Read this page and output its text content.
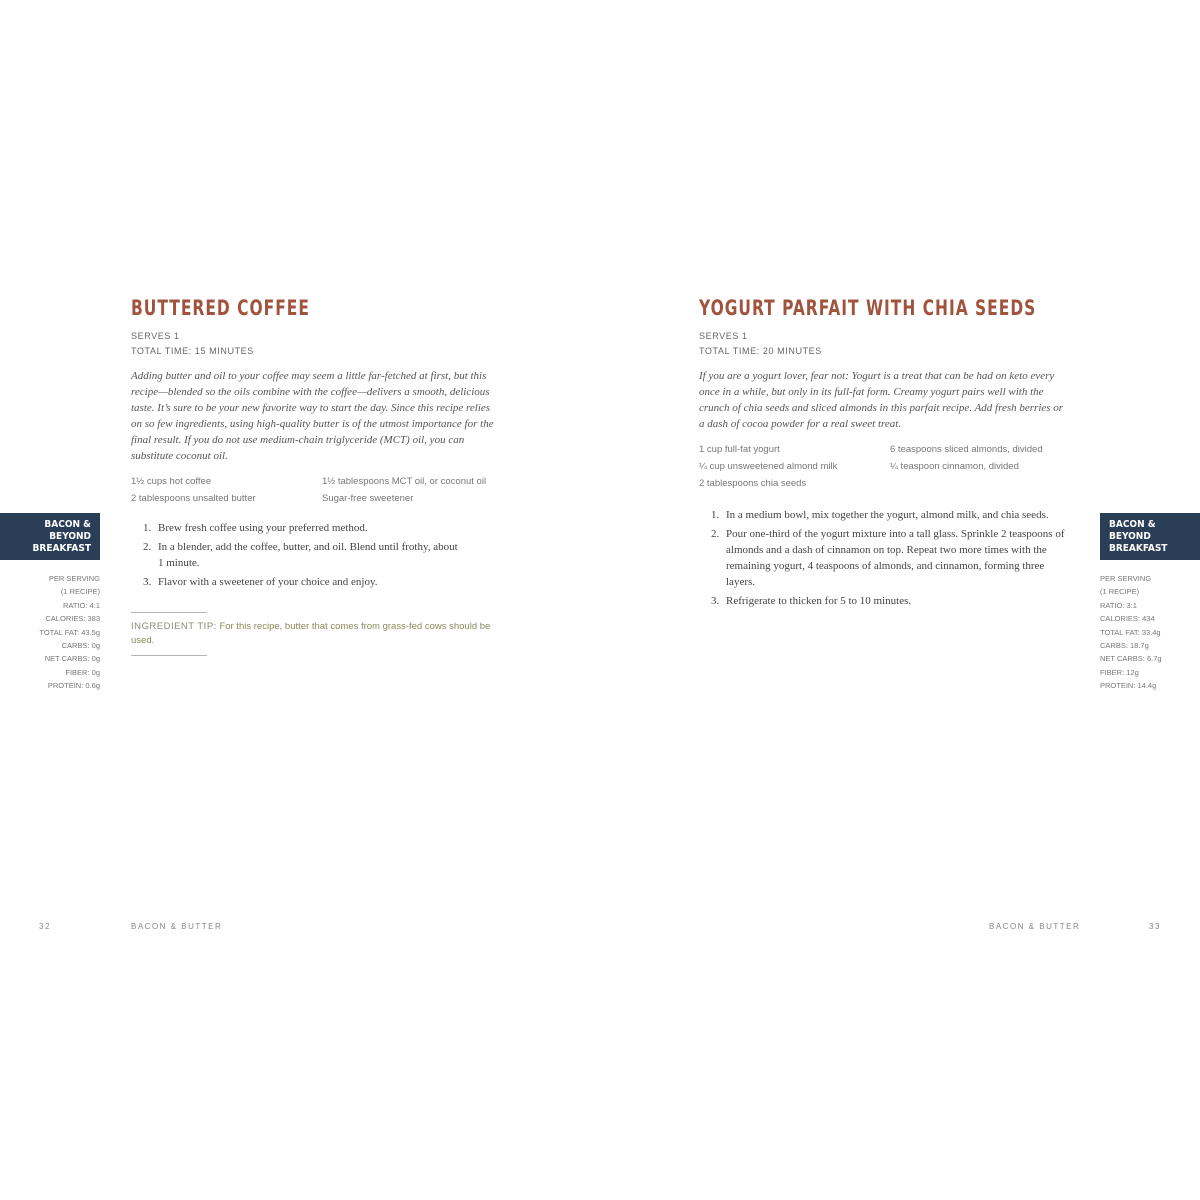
BUTTERED COFFEE
SERVES 1
TOTAL TIME: 15 MINUTES
Adding butter and oil to your coffee may seem a little far-fetched at first, but this recipe—blended so the oils combine with the coffee—delivers a smooth, delicious taste. It’s sure to be your new favorite way to start the day. Since this recipe relies on so few ingredients, using high-quality butter is of the utmost importance for the final result. If you do not use medium-chain triglyceride (MCT) oil, you can substitute coconut oil.
1½ cups hot coffee
2 tablespoons unsalted butter
1½ tablespoons MCT oil, or coconut oil
Sugar-free sweetener
1. Brew fresh coffee using your preferred method.
2. In a blender, add the coffee, butter, and oil. Blend until frothy, about 1 minute.
3. Flavor with a sweetener of your choice and enjoy.
INGREDIENT TIP: For this recipe, butter that comes from grass-fed cows should be used.
BACON & BEYOND
BREAKFAST
PER SERVING
(1 RECIPE)
RATIO: 4:1
CALORIES: 383
TOTAL FAT: 43.5g
CARBS: 0g
NET CARBS: 0g
FIBER: 0g
PROTEIN: 0.6g
32	BACON & BUTTER
YOGURT PARFAIT WITH CHIA SEEDS
SERVES 1
TOTAL TIME: 20 MINUTES
If you are a yogurt lover, fear not: Yogurt is a treat that can be had on keto every once in a while, but only in its full-fat form. Creamy yogurt pairs well with the crunch of chia seeds and sliced almonds in this parfait recipe. Add fresh berries or a dash of cocoa powder for a real sweet treat.
1 cup full-fat yogurt
¼ cup unsweetened almond milk
2 tablespoons chia seeds
6 teaspoons sliced almonds, divided
¼ teaspoon cinnamon, divided
1. In a medium bowl, mix together the yogurt, almond milk, and chia seeds.
2. Pour one-third of the yogurt mixture into a tall glass. Sprinkle 2 teaspoons of almonds and a dash of cinnamon on top. Repeat two more times with the remaining yogurt, 4 teaspoons of almonds, and cinnamon, forming three layers.
3. Refrigerate to thicken for 5 to 10 minutes.
BACON & BEYOND
BREAKFAST
PER SERVING
(1 RECIPE)
RATIO: 3:1
CALORIES: 434
TOTAL FAT: 33.4g
CARBS: 18.7g
NET CARBS: 6.7g
FIBER: 12g
PROTEIN: 14.4g
BACON & BUTTER	33
